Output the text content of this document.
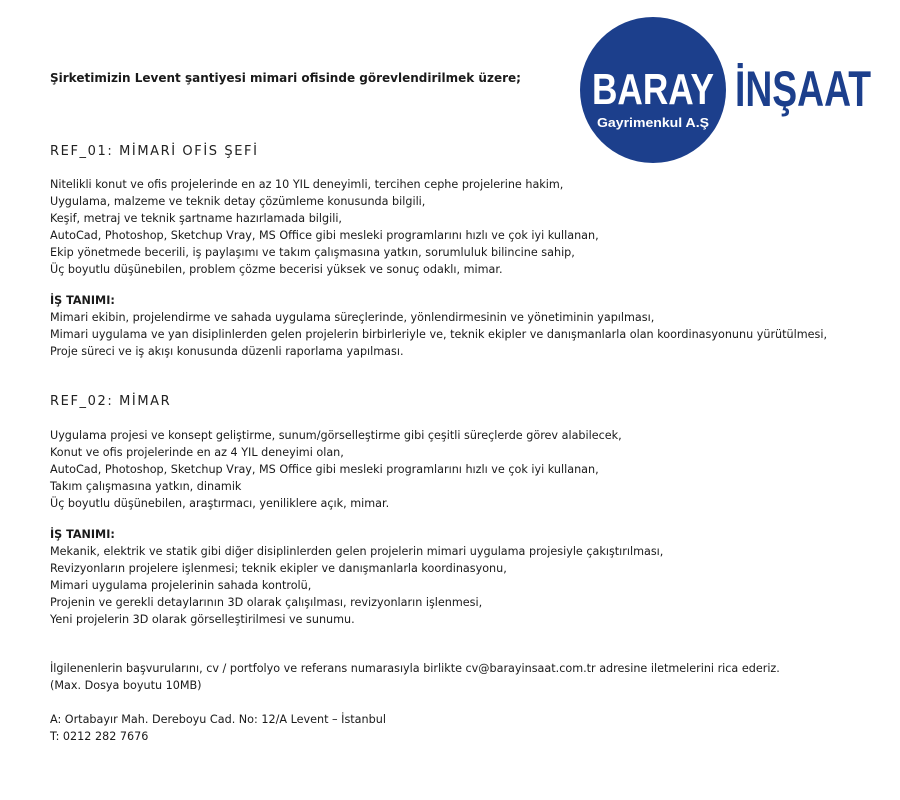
Şirketimizin Levent şantiyesi mimari ofisinde görevlendirilmek üzere; BARAY
Gayrimenkul A.Ş
İNŞAAT
REF_01: MİMARİ OFİS ŞEFİ
Nitelikli konut ve ofis projelerinde en az 10 YIL deneyimli, tercihen cephe projelerine hakim,
Uygulama, malzeme ve teknik detay çözümleme konusunda bilgili,
Keşif, metraj ve teknik şartname hazırlamada bilgili,
AutoCad, Photoshop, Sketchup Vray, MS Office gibi mesleki programlarını hızlı ve çok iyi kullanan,
Ekip yönetmede becerili, iş paylaşımı ve takım çalışmasına yatkın, sorumluluk bilincine sahip,
Üç boyutlu düşünebilen, problem çözme becerisi yüksek ve sonuç odaklı, mimar.
İŞ TANIMI:
Mimari ekibin, projelendirme ve sahada uygulama süreçlerinde, yönlendirmesinin ve yönetiminin yapılması,
Mimari uygulama ve yan disiplinlerden gelen projelerin birbirleriyle ve, teknik ekipler ve danışmanlarla olan koordinasyonunu yürütülmesi,
Proje süreci ve iş akışı konusunda düzenli raporlama yapılması.
REF_02: MİMAR
Uygulama projesi ve konsept geliştirme, sunum/görselleştirme gibi çeşitli süreçlerde görev alabilecek,
Konut ve ofis projelerinde en az 4 YIL deneyimi olan,
AutoCad, Photoshop, Sketchup Vray, MS Office gibi mesleki programlarını hızlı ve çok iyi kullanan,
Takım çalışmasına yatkın, dinamik
Üç boyutlu düşünebilen, araştırmacı, yeniliklere açık, mimar.
İŞ TANIMI:
Mekanik, elektrik ve statik gibi diğer disiplinlerden gelen projelerin mimari uygulama projesiyle çakıştırılması,
Revizyonların projelere işlenmesi; teknik ekipler ve danışmanlarla koordinasyonu,
Mimari uygulama projelerinin sahada kontrolü,
Projenin ve gerekli detaylarının 3D olarak çalışılması, revizyonların işlenmesi,
Yeni projelerin 3D olarak görselleştirilmesi ve sunumu.
İlgilenenlerin başvurularını, cv / portfolyo ve referans numarasıyla birlikte cv@barayinsaat.com.tr adresine iletmelerini rica ederiz.
(Max. Dosya boyutu 10MB)
A: Ortabayır Mah. Dereboyu Cad. No: 12/A Levent – İstanbul
T: 0212 282 7676
